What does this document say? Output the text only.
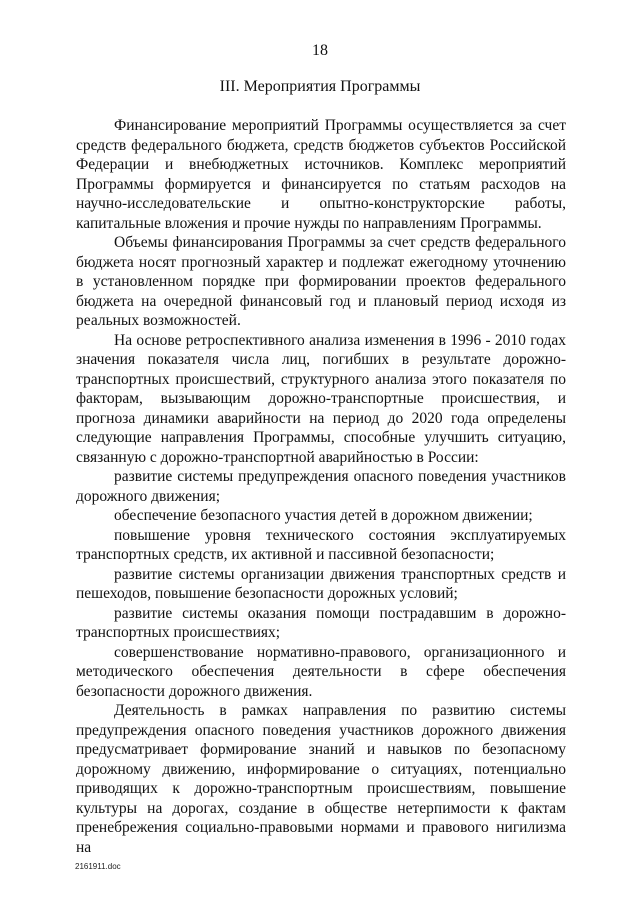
18
III. Мероприятия Программы

Финансирование мероприятий Программы осуществляется за счет средств федерального бюджета, средств бюджетов субъектов Российской Федерации и внебюджетных источников. Комплекс мероприятий Программы формируется и финансируется по статьям расходов на научно-исследовательские и опытно-конструкторские работы, капитальные вложения и прочие нужды по направлениям Программы.

Объемы финансирования Программы за счет средств федерального бюджета носят прогнозный характер и подлежат ежегодному уточнению в установленном порядке при формировании проектов федерального бюджета на очередной финансовый год и плановый период исходя из реальных возможностей.

На основе ретроспективного анализа изменения в 1996 - 2010 годах значения показателя числа лиц, погибших в результате дорожно-транспортных происшествий, структурного анализа этого показателя по факторам, вызывающим дорожно-транспортные происшествия, и прогноза динамики аварийности на период до 2020 года определены следующие направления Программы, способные улучшить ситуацию, связанную с дорожно-транспортной аварийностью в России:

развитие системы предупреждения опасного поведения участников дорожного движения;

обеспечение безопасного участия детей в дорожном движении;

повышение уровня технического состояния эксплуатируемых транспортных средств, их активной и пассивной безопасности;

развитие системы организации движения транспортных средств и пешеходов, повышение безопасности дорожных условий;

развитие системы оказания помощи пострадавшим в дорожно-транспортных происшествиях;

совершенствование нормативно-правового, организационного и методического обеспечения деятельности в сфере обеспечения безопасности дорожного движения.

Деятельность в рамках направления по развитию системы предупреждения опасного поведения участников дорожного движения предусматривает формирование знаний и навыков по безопасному дорожному движению, информирование о ситуациях, потенциально приводящих к дорожно-транспортным происшествиям, повышение культуры на дорогах, создание в обществе нетерпимости к фактам пренебрежения социально-правовыми нормами и правового нигилизма на

2161911.doc
